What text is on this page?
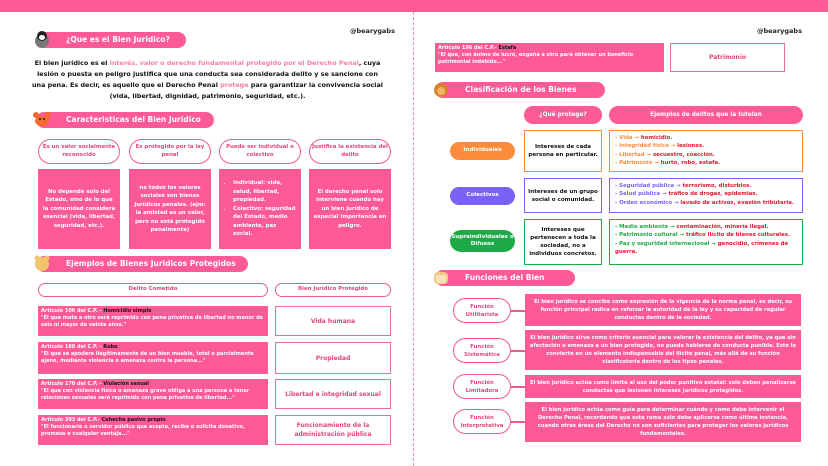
@bearygabs
¿Que es el Bien Juridico?

El bien jurídico es el interés, valor o derecho fundamental protegido por el Derecho Penal, cuya lesión o puesta en peligro justifica que una conducta sea considerada delito y se sancione con una pena. Es decir, es aquello que el Derecho Penal protege para garantizar la convivencia social (vida, libertad, dignidad, patrimonio, seguridad, etc.).

Caracteristicas del Bien Juridico
Es un valor socialmente reconocido
No depende solo del Estado, sino de lo que la comunidad considera esencial (vida, libertad, seguridad, etc.).
Es protegido por la ley penal
no todos los valores sociales son bienes jurídicos penales. (ejm: la amistad es un valor, pero no está protegido penalmente)
Puede ser individual o colectivo
• Individual: vida, salud, libertad, propiedad.
• Colectivo: seguridad del Estado, medio ambiente, paz social.
Justifica la existencia del delito
El derecho penal solo interviene cuando hay un bien jurídico de especial importancia en peligro.
Ejemplos de Bienes Juridicos Protegidos
Delito Cometido	Bien Jurídico Protegido
Artículo 106 del C.P. - Homicidio simple
"El que mata a otro será reprimido con pena privativa de libertad no menor de seis ni mayor de veinte años."
Vida humana
Artículo 188 del C.P. - Robo
"El que se apodera ilegítimamente de un bien mueble, total o parcialmente ajeno, mediante violencia o amenaza contra la persona..."	Propiedad
Artículo 170 del C.P. - Violación sexual
"El que con violencia física o amenaza grave obliga a una persona a tener relaciones sexuales será reprimido con pena privativa de libertad..."
Libertad e integridad sexual
Artículo 393 del C.P.- Cohecho pasivo propio
"El funcionario o servidor público que acepta, recibe o solicita donativo, promesa o cualquier ventaja..."
Funcionamiento de la administración pública
@bearygabs
Artículo 196 del C.P.- Estafa
"El que, con ánimo de lucro, engaña a otro para obtener un beneficio patrimonial indebido..."
Patrimonio
Clasificación de los Bienes Juridicos
¿Qué protege?	Ejemplos de delitos que la tutelan
Individuales
Intereses de cada persona en particular.
- Vida → homicidio.
- Integridad física → lesiones.
- Libertad → secuestro, coacción.
- Patrimonio → hurto, robo, estafa.
Colectivos
Intereses de un grupo social o comunidad.
- Seguridad pública → terrorismo, disturbios.
- Salud pública → tráfico de drogas, epidemias.
- Orden económico → lavado de activos, evasión tributaria.
Supraindividuales o Difusos
Intereses que pertenecen a toda la sociedad, no a individuos concretos.
- Medio ambiente → contaminación, minería ilegal.
- Patrimonio cultural → tráfico ilícito de bienes culturales.
- Paz y seguridad internacional → genocidio, crímenes de guerra.
Funciones del Bien Juridico
Función Utilitarista
El bien jurídico se concibe como expresión de la vigencia de la norma penal, es decir, su función principal radica en reforzar la autoridad de la ley y su capacidad de regular conductas dentro de la sociedad.
Función Sistemática
El bien jurídico sirve como criterio esencial para valorar la existencia del delito, ya que sin afectación o amenaza a un bien protegido, no puede hablarse de conducta punible. Esto lo convierte en un elemento indispensable del ilícito penal, más allá de su función clasificatoria dentro de los tipos penales.
Función Limitadora
El bien jurídico actúa como límite al uso del poder punitivo estatal: solo deben penalizarse conductas que lesionen intereses jurídicos protegidos.
Función Interpretativa
El bien jurídico actúa como guía para determinar cuándo y cómo debe intervenir el Derecho Penal, recordando que esta rama solo debe aplicarse como última instancia, cuando otras áreas del Derecho no son suficientes para proteger los valores jurídicos fundamentales.
